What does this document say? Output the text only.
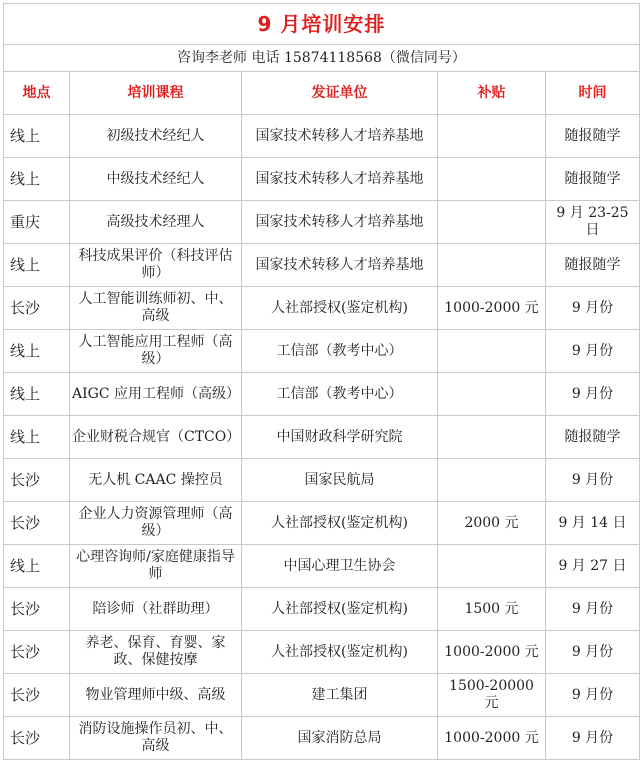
9 月培训安排				
咨询李老师 电话 15874118568（微信同号）				
地点	培训课程	发证单位	补贴	时间
线上	初级技术经纪人	国家技术转移人才培养基地		随报随学
线上	中级技术经纪人	国家技术转移人才培养基地		随报随学
重庆	高级技术经理人	国家技术转移人才培养基地		9 月 23-25 日
线上	科技成果评价（科技评估师）	国家技术转移人才培养基地		随报随学
长沙	人工智能训练师初、中、高级	人社部授权(鉴定机构)	1000-2000 元	9 月份
线上	人工智能应用工程师（高级）	工信部（教考中心）		9 月份
线上	AIGC 应用工程师（高级）	工信部（教考中心）		9 月份
线上	企业财税合规官（CTCO）	中国财政科学研究院		随报随学
长沙	无人机 CAAC 操控员	国家民航局		9 月份
长沙	企业人力资源管理师（高级）	人社部授权(鉴定机构)	2000 元	9 月 14 日
线上	心理咨询师/家庭健康指导师	中国心理卫生协会		9 月 27 日
长沙	陪诊师（社群助理）	人社部授权(鉴定机构)	1500 元	9 月份
长沙	养老、保育、育婴、家政、保健按摩	人社部授权(鉴定机构)	1000-2000 元	9 月份
长沙	物业管理师中级、高级	建工集团	1500-20000 元	9 月份
长沙	消防设施操作员初、中、高级	国家消防总局	1000-2000 元	9 月份
